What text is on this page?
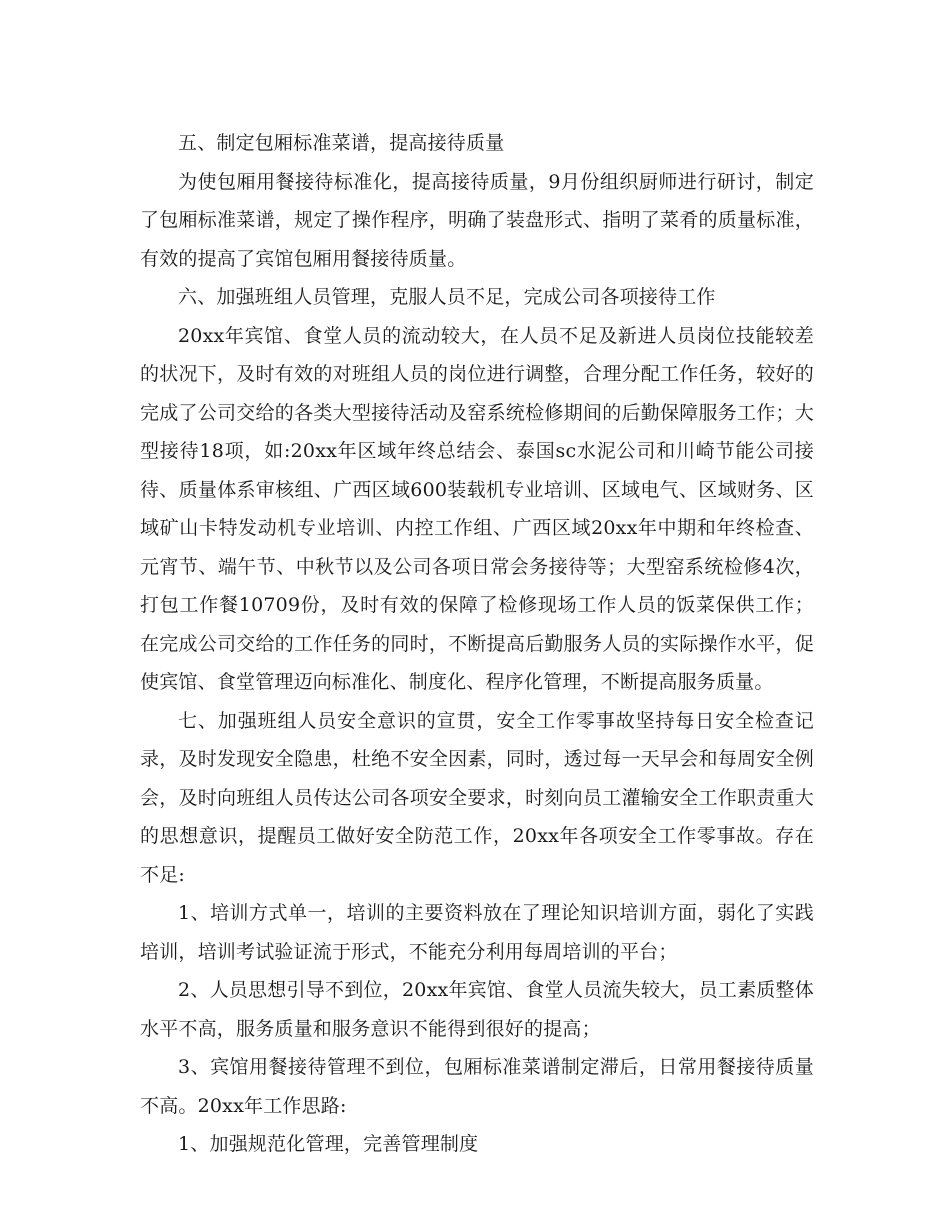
五、制定包厢标准菜谱，提高接待质量

为使包厢用餐接待标准化，提高接待质量，9月份组织厨师进行研讨，制定了包厢标准菜谱，规定了操作程序，明确了装盘形式、指明了菜肴的质量标准，有效的提高了宾馆包厢用餐接待质量。

六、加强班组人员管理，克服人员不足，完成公司各项接待工作

20xx年宾馆、食堂人员的流动较大，在人员不足及新进人员岗位技能较差的状况下，及时有效的对班组人员的岗位进行调整，合理分配工作任务，较好的完成了公司交给的各类大型接待活动及窑系统检修期间的后勤保障服务工作；大型接待18项，如:20xx年区域年终总结会、泰国sc水泥公司和川崎节能公司接待、质量体系审核组、广西区域600装载机专业培训、区域电气、区域财务、区域矿山卡特发动机专业培训、内控工作组、广西区域20xx年中期和年终检查、元宵节、端午节、中秋节以及公司各项日常会务接待等；大型窑系统检修4次，打包工作餐10709份，及时有效的保障了检修现场工作人员的饭菜保供工作；在完成公司交给的工作任务的同时，不断提高后勤服务人员的实际操作水平，促使宾馆、食堂管理迈向标准化、制度化、程序化管理，不断提高服务质量。

七、加强班组人员安全意识的宣贯，安全工作零事故坚持每日安全检查记录，及时发现安全隐患，杜绝不安全因素，同时，透过每一天早会和每周安全例会，及时向班组人员传达公司各项安全要求，时刻向员工灌输安全工作职责重大的思想意识，提醒员工做好安全防范工作，20xx年各项安全工作零事故。存在不足:

1、培训方式单一，培训的主要资料放在了理论知识培训方面，弱化了实践培训，培训考试验证流于形式，不能充分利用每周培训的平台；

2、人员思想引导不到位，20xx年宾馆、食堂人员流失较大，员工素质整体水平不高，服务质量和服务意识不能得到很好的提高；

3、宾馆用餐接待管理不到位，包厢标准菜谱制定滞后，日常用餐接待质量不高。20xx年工作思路:

1、加强规范化管理，完善管理制度
